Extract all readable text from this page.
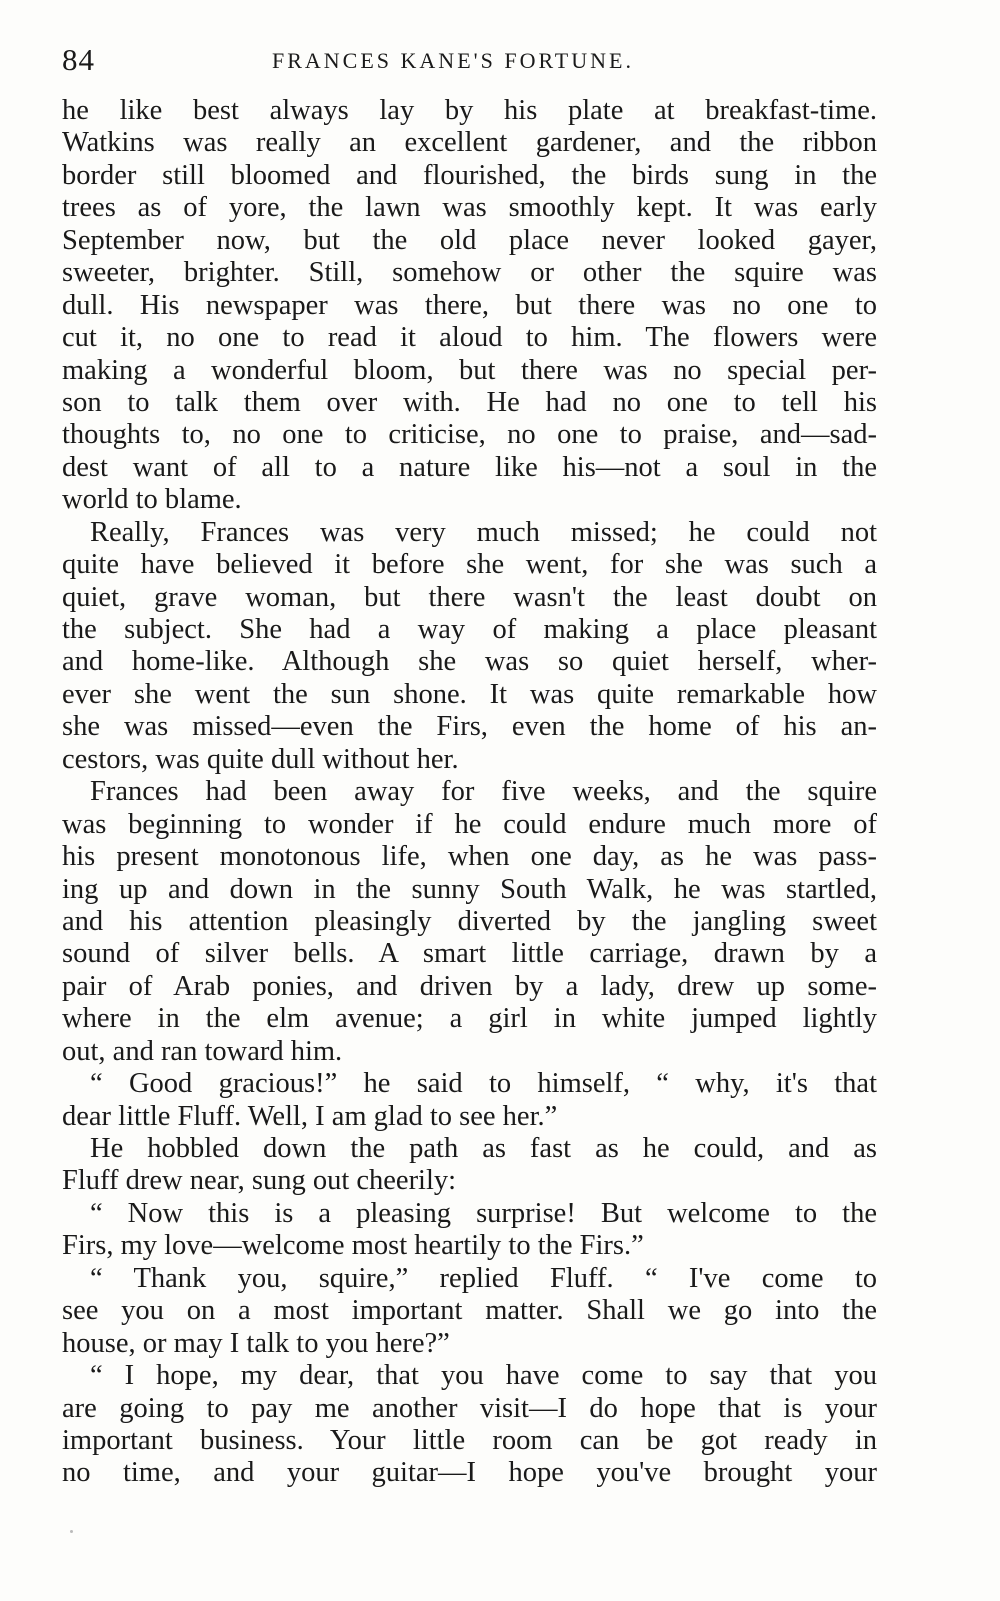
84	FRANCES KANE'S FORTUNE.
he like best always lay by his plate at breakfast-time.
Watkins was really an excellent gardener, and the ribbon
border still bloomed and flourished, the birds sung in the
trees as of yore, the lawn was smoothly kept. It was early
September now, but the old place never looked gayer,
sweeter, brighter. Still, somehow or other the squire was
dull. His newspaper was there, but there was no one to
cut it, no one to read it aloud to him. The flowers were
making a wonderful bloom, but there was no special per-
son to talk them over with. He had no one to tell his
thoughts to, no one to criticise, no one to praise, and—sad-
dest want of all to a nature like his—not a soul in the
world to blame.
Really, Frances was very much missed; he could not
quite have believed it before she went, for she was such a
quiet, grave woman, but there wasn't the least doubt on
the subject. She had a way of making a place pleasant
and home-like. Although she was so quiet herself, wher-
ever she went the sun shone. It was quite remarkable how
she was missed—even the Firs, even the home of his an-
cestors, was quite dull without her.
Frances had been away for five weeks, and the squire
was beginning to wonder if he could endure much more of
his present monotonous life, when one day, as he was pass-
ing up and down in the sunny South Walk, he was startled,
and his attention pleasingly diverted by the jangling sweet
sound of silver bells. A smart little carriage, drawn by a
pair of Arab ponies, and driven by a lady, drew up some-
where in the elm avenue; a girl in white jumped lightly
out, and ran toward him.
“ Good gracious!” he said to himself, “ why, it's that
dear little Fluff. Well, I am glad to see her.”
He hobbled down the path as fast as he could, and as
Fluff drew near, sung out cheerily:
“ Now this is a pleasing surprise! But welcome to the
Firs, my love—welcome most heartily to the Firs.”
“ Thank you, squire,” replied Fluff. “ I've come to
see you on a most important matter. Shall we go into the
house, or may I talk to you here?”
“ I hope, my dear, that you have come to say that you
are going to pay me another visit—I do hope that is your
important business. Your little room can be got ready in
no time, and your guitar—I hope you've brought your
